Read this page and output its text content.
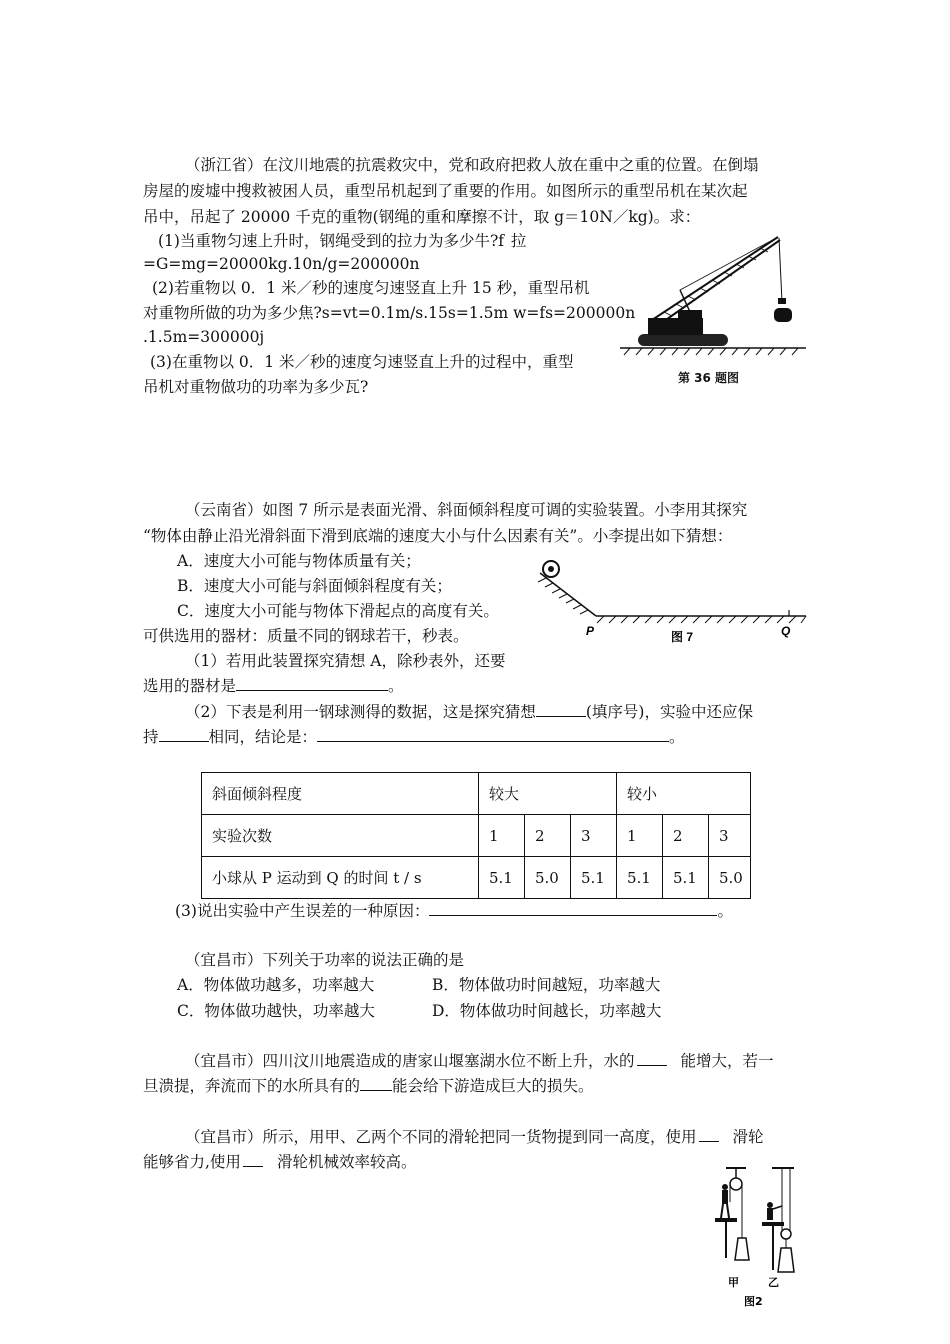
（浙江省）在汶川地震的抗震救灾中，党和政府把救人放在重中之重的位置。在倒塌
房屋的废墟中搜救被困人员，重型吊机起到了重要的作用。如图所示的重型吊机在某次起
吊中，吊起了 20000 千克的重物(钢绳的重和摩擦不计，取 g＝10N／kg)。求：
(1)当重物匀速上升时，钢绳受到的拉力为多少牛?f 拉
=G=mg=20000kg.10n/g=200000n
(2)若重物以 0．1 米／秒的速度匀速竖直上升 15 秒，重型吊机
对重物所做的功为多少焦?s=vt=0.1m/s.15s=1.5m w=fs=200000n
.1.5m=300000j
(3)在重物以 0．1 米／秒的速度匀速竖直上升的过程中，重型
吊机对重物做功的功率为多少瓦?	第 36 题图
（云南省）如图 7 所示是表面光滑、斜面倾斜程度可调的实验装置。小李用其探究
“物体由静止沿光滑斜面下滑到底端的速度大小与什么因素有关”。小李提出如下猜想：
A．速度大小可能与物体质量有关；
B．速度大小可能与斜面倾斜程度有关；
C．速度大小可能与物体下滑起点的高度有关。
可供选用的器材：质量不同的钢球若干，秒表。
（1）若用此装置探究猜想 A，除秒表外，还要
选用的器材是	。
（2）下表是利用一钢球测得的数据，这是探究猜想	(填序号)，实验中还应保
持	相同，结论是：	。
P	Q
图 7
斜面倾斜程度	较大			较小		
实验次数	1	2	3	1	2	3
小球从 P 运动到 Q 的时间 t / s	5.1	5.0	5.1	5.1	5.1	5.0
(3)说出实验中产生误差的一种原因：	。
（宜昌市）下列关于功率的说法正确的是
A．物体做功越多，功率越大	B．物体做功时间越短，功率越大
C．物体做功越快，功率越大	D．物体做功时间越长，功率越大
（宜昌市）四川汶川地震造成的唐家山堰塞湖水位不断上升，水的	能增大，若一
旦溃提，奔流而下的水所具有的 能会给下游造成巨大的损失。
（宜昌市）所示，用甲、乙两个不同的滑轮把同一货物提到同一高度，使用 滑轮
能够省力,使用 滑轮机械效率较高。
甲	乙
图2
